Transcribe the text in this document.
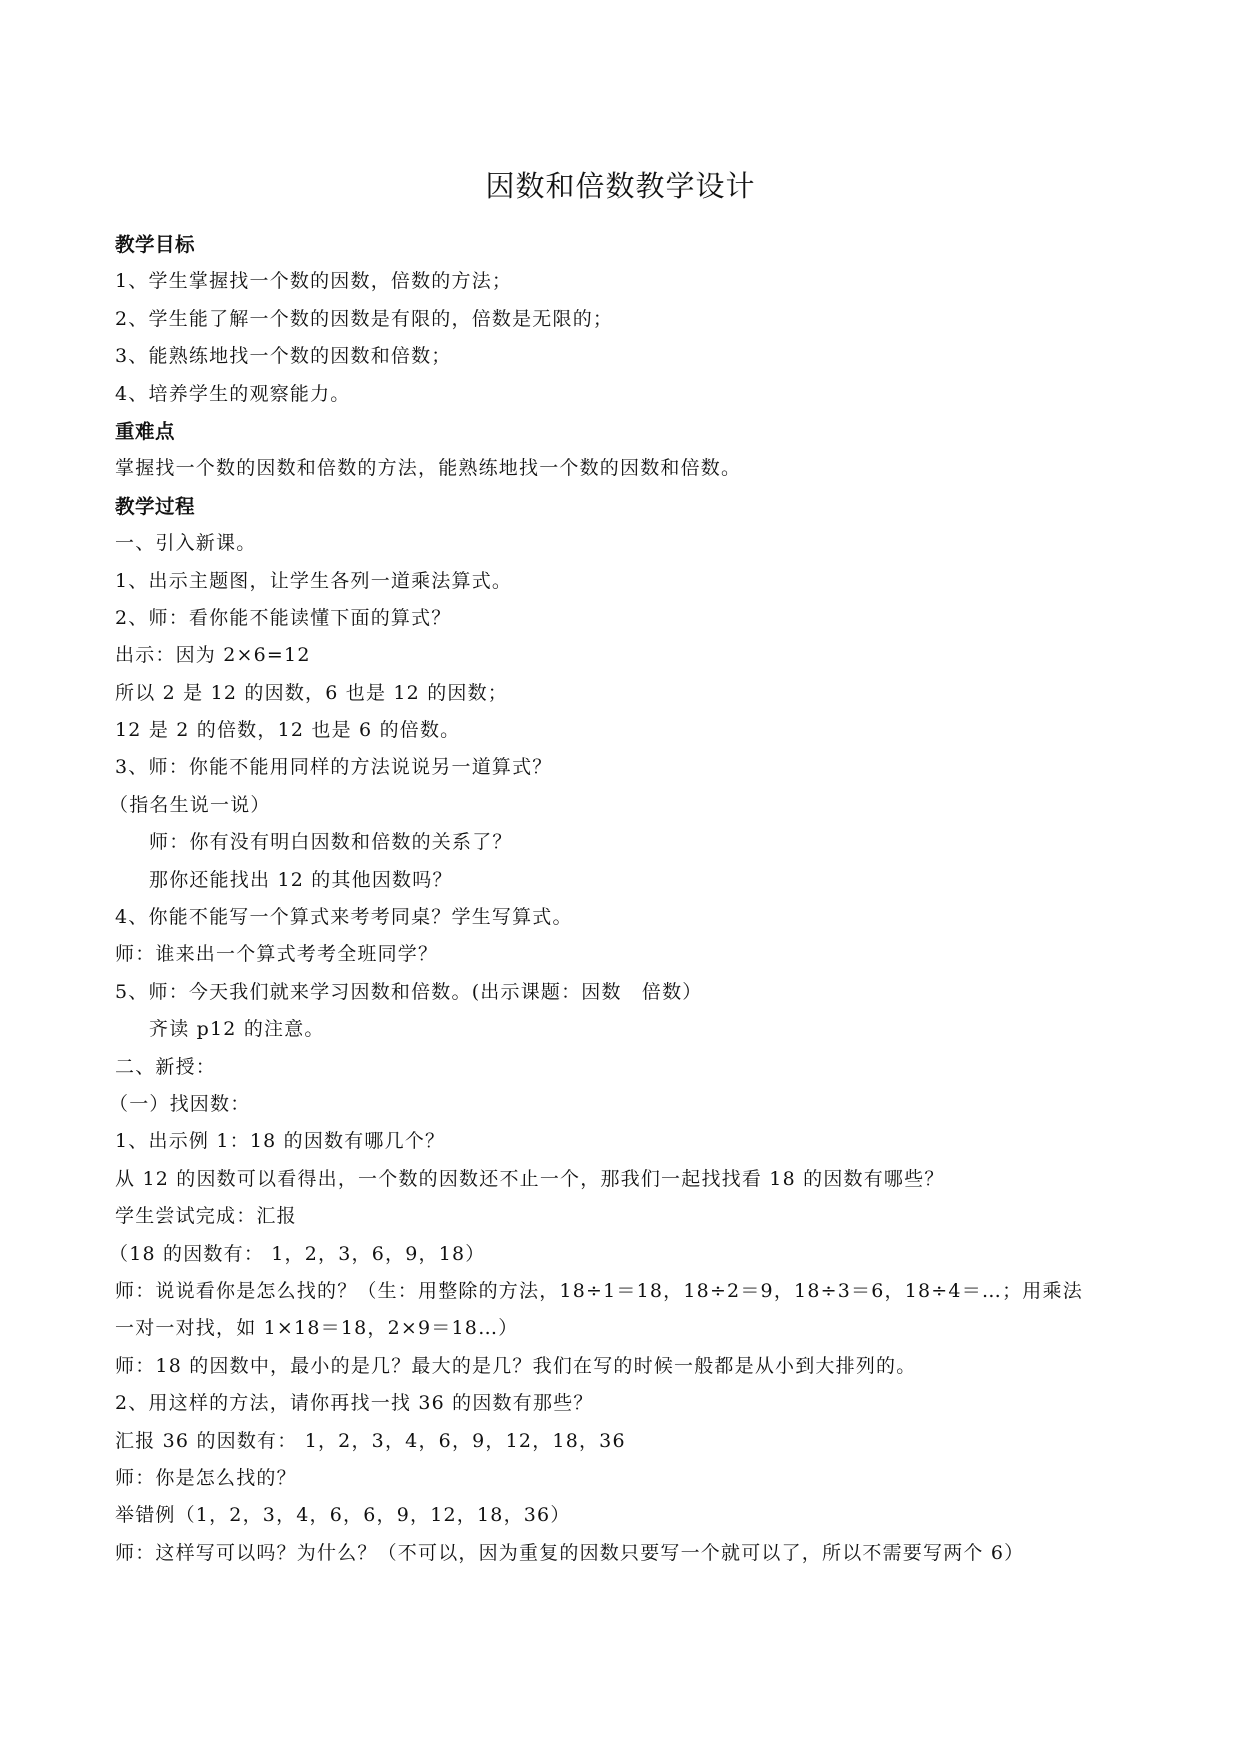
因数和倍数教学设计
教学目标
1、学生掌握找一个数的因数，倍数的方法；
2、学生能了解一个数的因数是有限的，倍数是无限的；
3、能熟练地找一个数的因数和倍数；
4、培养学生的观察能力。
重难点
掌握找一个数的因数和倍数的方法，能熟练地找一个数的因数和倍数。
教学过程
一、引入新课。
1、出示主题图，让学生各列一道乘法算式。
2、师：看你能不能读懂下面的算式？
出示：因为 2×6=12
所以 2 是 12 的因数，6 也是 12 的因数；
12 是 2 的倍数，12 也是 6 的倍数。
3、师：你能不能用同样的方法说说另一道算式？
（指名生说一说）
师：你有没有明白因数和倍数的关系了？
那你还能找出 12 的其他因数吗？
4、你能不能写一个算式来考考同桌？学生写算式。
师：谁来出一个算式考考全班同学？
5、师：今天我们就来学习因数和倍数。(出示课题：因数　倍数）
齐读 p12 的注意。
二、新授：
（一）找因数：
1、出示例 1：18 的因数有哪几个？
从 12 的因数可以看得出，一个数的因数还不止一个，那我们一起找找看 18 的因数有哪些？
学生尝试完成：汇报
（18 的因数有： 1，2，3，6，9，18）
师：说说看你是怎么找的？（生：用整除的方法，18÷1＝18，18÷2＝9，18÷3＝6，18÷4＝…；用乘法
一对一对找，如 1×18＝18，2×9＝18…）
师：18 的因数中，最小的是几？最大的是几？我们在写的时候一般都是从小到大排列的。
2、用这样的方法，请你再找一找 36 的因数有那些？
汇报 36 的因数有： 1，2，3，4，6，9，12，18，36
师：你是怎么找的？
举错例（1，2，3，4，6，6，9，12，18，36）
师：这样写可以吗？为什么？（不可以，因为重复的因数只要写一个就可以了，所以不需要写两个 6）
